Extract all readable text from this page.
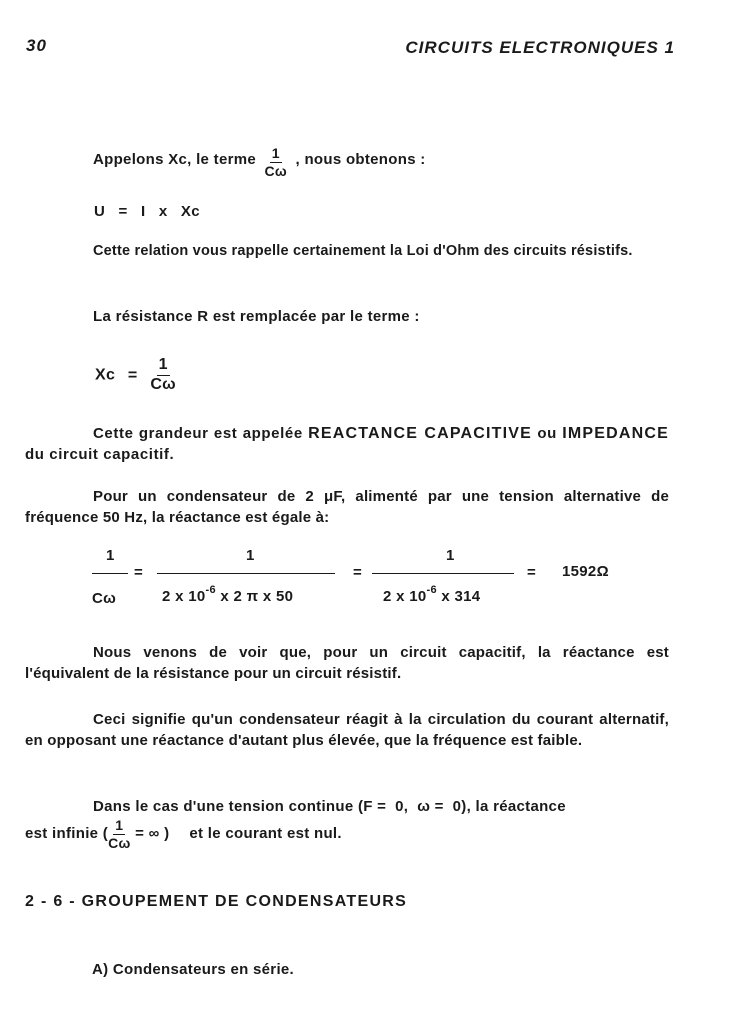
30	CIRCUITS ELECTRONIQUES 1
Appelons Xc, le terme $\frac{1}{C\omega}$ , nous obtenons :
U   =   I   x   Xc
Cette relation vous rappelle certainement la Loi d'Ohm des circuits résistifs.
La résistance R est remplacée par le terme :
$Xc = \frac{1}{C\omega}$
Cette grandeur est appelée REACTANCE CAPACITIVE ou IMPEDANCE du circuit capacitif.
Pour un condensateur de 2 μF, alimenté par une tension alternative de fréquence 50 Hz, la réactance est égale à:
1
Cω
=
1
2 x $10^{-6}$ x 2 π x 50
=
1
2 x $10^{-6}$ x 314
= 1592Ω
Nous venons de voir que, pour un circuit capacitif, la réactance est l'équivalent de la résistance pour un circuit résistif.
Ceci signifie qu'un condensateur réagit à la circulation du courant alternatif, en opposant une réactance d'autant plus élevée, que la fréquence est faible.
Dans le cas d'une tension continue (F =  0,  ω =  0), la réactance
est infinie ( $\frac{1}{C\omega}$ = ∞ ) et le courant est nul.
2 - 6 - GROUPEMENT DE CONDENSATEURS
A) Condensateurs en série.
